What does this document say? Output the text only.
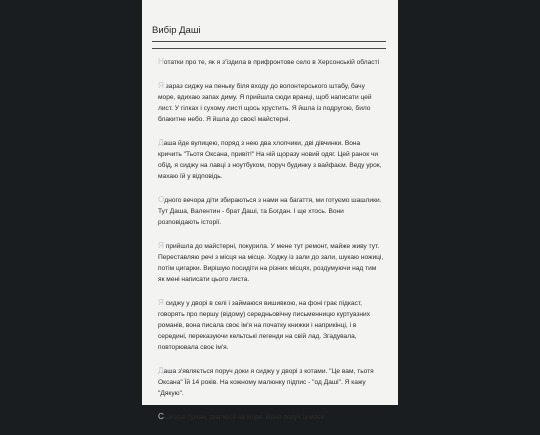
Вибір Даші

Нотатки про те, як я з'їздила в прифронтове село в Херсонській області

Я зараз сиджу на пеньку біля входу до волонтерського штабу, бачу море, вдихаю запах диму. Я прийшла сюди вранці, щоб написати цей лист. У гілках і сухому листі щось хрустить. Я йшла із подругою, било блакитне небо. Я йшла до своєї майстерні.

Даша йде вулицею, поряд з нею два хлопчики, дві дівчинки. Вона кричить "Тьотя Оксана, привіт!" На ній щоразу новий одяг. Цей ранок чи обід, я сиджу на лавці з ноутбуком, поруч будинку з вайфаєм. Веду урок, махаю їй у відповідь.

Одного вечора діти збираються з нами на багаття, ми готуємо шашлики. Тут Даша, Валентин - брат Даші, та Богдан. І ще хтось. Вони розповідають історії.

Я прийшла до майстерні, покурила. У мене тут ремонт, майже живу тут. Переставляю речі з місця на місце. Ходжу із зали до зали, шукаю ножиці, потім цигарки. Вирішую посидіти на різних місцях, роздумуючи над тим як мені написати цього листа.

Я сиджу у дворі в селі і займаюся вишивкою, на фоні грає підкаст, говорять про першу (відому) середньовічну письменницю куртуазних романів, вона писала своє ім'я на початку книжки і наприкінці, і в середині, переказуючи кельтські легенди на свій лад. Згадувала, повторювала своє ім'я.

Даша з'являється поруч доки я сиджу у дворі з котами. "Це вам, тьотя Оксана" Їй 14 років. На кожному малюнку підпис - "од Даші". Я кажу "Дякую".

Сьогодні туман, дивлюся на море. Воно поруч із моєю
